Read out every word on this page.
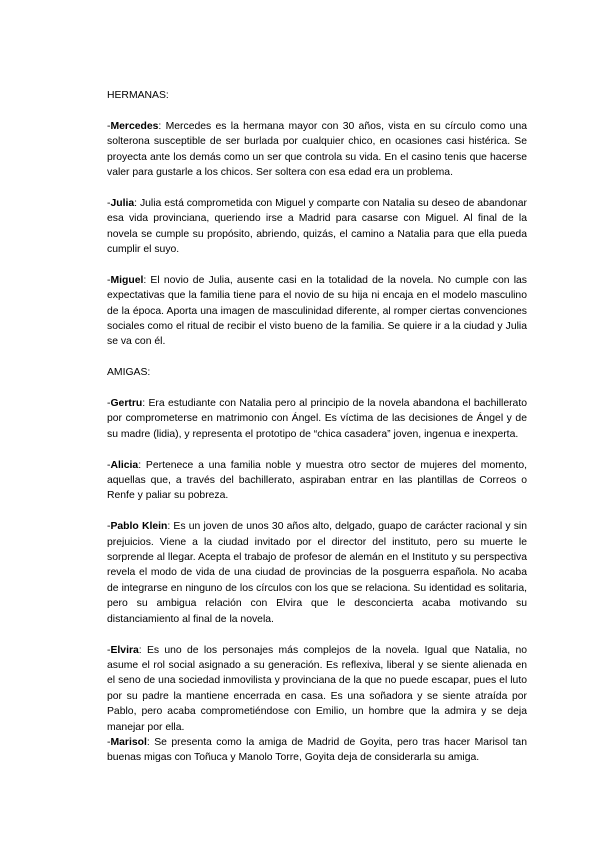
HERMANAS:

-Mercedes: Mercedes es la hermana mayor con 30 años, vista en su círculo como una solterona susceptible de ser burlada por cualquier chico, en ocasiones casi histérica. Se proyecta ante los demás como un ser que controla su vida. En el casino tenis que hacerse valer para gustarle a los chicos. Ser soltera con esa edad era un problema.

-Julia: Julia está comprometida con Miguel y comparte con Natalia su deseo de abandonar esa vida provinciana, queriendo irse a Madrid para casarse con Miguel. Al final de la novela se cumple su propósito, abriendo, quizás, el camino a Natalia para que ella pueda cumplir el suyo.

-Miguel: El novio de Julia, ausente casi en la totalidad de la novela. No cumple con las expectativas que la familia tiene para el novio de su hija ni encaja en el modelo masculino de la época. Aporta una imagen de masculinidad diferente, al romper ciertas convenciones sociales como el ritual de recibir el visto bueno de la familia. Se quiere ir a la ciudad y Julia se va con él.

AMIGAS:

-Gertru: Era estudiante con Natalia pero al principio de la novela abandona el bachillerato por comprometerse en matrimonio con Ángel. Es víctima de las decisiones de Ángel y de su madre (lidia), y representa el prototipo de “chica casadera” joven, ingenua e inexperta.

-Alicia: Pertenece a una familia noble y muestra otro sector de mujeres del momento, aquellas que, a través del bachillerato, aspiraban entrar en las plantillas de Correos o Renfe y paliar su pobreza.

-Pablo Klein: Es un joven de unos 30 años alto, delgado, guapo de carácter racional y sin prejuicios. Viene a la ciudad invitado por el director del instituto, pero su muerte le sorprende al llegar. Acepta el trabajo de profesor de alemán en el Instituto y su perspectiva revela el modo de vida de una ciudad de provincias de la posguerra española. No acaba de integrarse en ninguno de los círculos con los que se relaciona. Su identidad es solitaria, pero su ambigua relación con Elvira que le desconcierta acaba motivando su distanciamiento al final de la novela.

-Elvira: Es uno de los personajes más complejos de la novela. Igual que Natalia, no asume el rol social asignado a su generación. Es reflexiva, liberal y se siente alienada en el seno de una sociedad inmovilista y provinciana de la que no puede escapar, pues el luto por su padre la mantiene encerrada en casa. Es una soñadora y se siente atraída por Pablo, pero acaba comprometiéndose con Emilio, un hombre que la admira y se deja manejar por ella.

-Marisol: Se presenta como la amiga de Madrid de Goyita, pero tras hacer Marisol tan buenas migas con Toñuca y Manolo Torre, Goyita deja de considerarla su amiga.
